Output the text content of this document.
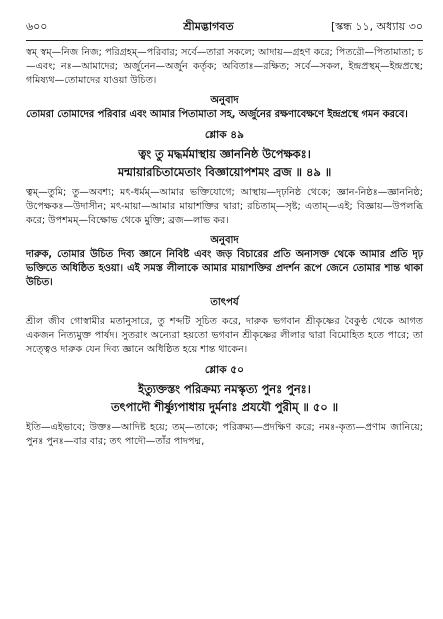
৬০০	শ্রীমদ্ভাগবত	[স্কন্ধ ১১, অধ্যায় ৩০

স্বম্ স্বম্—নিজ নিজ; পরিগ্রহম্—পরিবার; সর্বে—তারা সকলে; আদায়—গ্রহণ করে; পিতরৌ—পিতামাতা; চ—এবং; নঃ—আমাদের; অর্জুনেন—অর্জুন কর্তৃক; অবিতাঃ—রক্ষিত; সর্বে—সকল, ইন্দ্রপ্রস্থম্—ইন্দ্রপ্রস্থে; গমিষ্যথ—তোমাদের যাওয়া উচিত।

অনুবাদ

তোমরা তোমাদের পরিবার এবং আমার পিতামাতা সহ, অর্জুনের রক্ষণাবেক্ষণে ইন্দ্রপ্রস্থে গমন করবে।

শ্লোক ৪৯

ত্বং তু মদ্ধর্মমাস্থায় জ্ঞাননিষ্ঠ উপেক্ষকঃ।

মন্মায়ারচিতামেতাং বিজ্ঞায়োপশমং ব্রজ ॥ ৪৯ ॥

ত্বম্—তুমি; তু—অবশ্য; মৎ-ধর্মম্—আমার ভক্তিযোগে; আস্থায়—দৃঢ়নিষ্ঠ থেকে; জ্ঞান-নিষ্ঠঃ—জ্ঞাননিষ্ঠ; উপেক্ষকঃ—উদাসীন; মৎ-মায়া—আমার মায়াশক্তির দ্বারা; রচিতাম্—সৃষ্ট; এতাম্—এই; বিজ্ঞায়—উপলব্ধি করে; উপশমম্—বিক্ষোভ থেকে মুক্তি; ব্রজ—লাভ কর।

অনুবাদ

দারুক, তোমার উচিত দিব্য জ্ঞানে নিবিষ্ট এবং জড় বিচারের প্রতি অনাসক্ত থেকে আমার প্রতি দৃঢ় ভক্তিতে অধিষ্ঠিত হওয়া। এই সমস্ত লীলাকে আমার মায়াশক্তির প্রদর্শন রূপে জেনে তোমার শান্ত থাকা উচিত।

তাৎপর্য

শ্রীল জীব গোস্বামীর মতানুসারে, তু শব্দটি সূচিত করে, দারুক ভগবান শ্রীকৃষ্ণের বৈকুণ্ঠ থেকে আগত একজন নিত্যমুক্ত পার্ষদ। সুতরাং অন্যেরা হয়তো ভগবান শ্রীকৃষ্ণের লীলার দ্বারা বিমোহিত হতে পারে; তা সত্ত্বেও দারুক যেন দিব্য জ্ঞানে অধিষ্ঠিত হয়ে শান্ত থাকেন।

শ্লোক ৫০

ইত্যুক্তস্তং পরিক্রম্য নমস্কৃত্য পুনঃ পুনঃ।

তৎপাদৌ শীর্ষ্ণ্যুপাধায় দুর্মনাঃ প্রযযৌ পুরীম্ ॥ ৫০ ॥

ইতি—এইভাবে; উক্তঃ—আদিষ্ট হয়ে; তম্—তাকে; পরিক্রম্য—প্রদক্ষিণ করে; নমঃ-কৃত্য—প্রণাম জানিয়ে; পুনঃ পুনঃ—বার বার; তৎ পাদৌ—তাঁর পাদপদ্ম,
